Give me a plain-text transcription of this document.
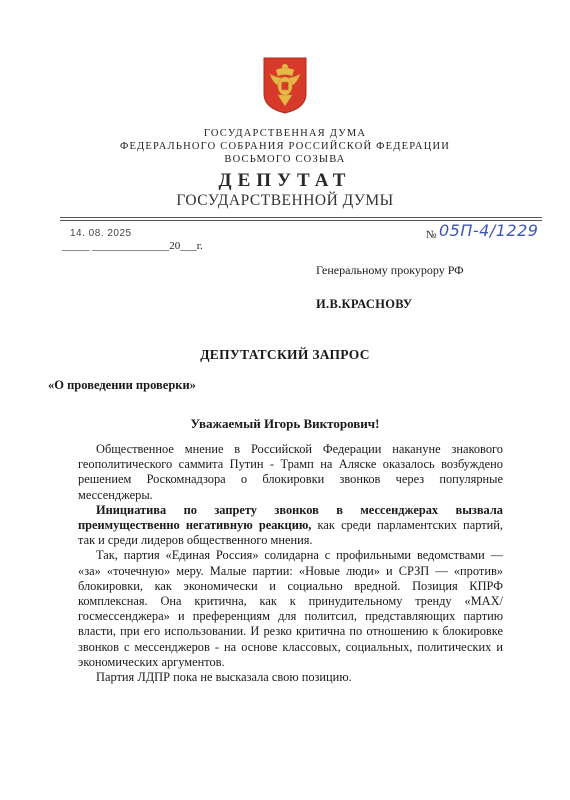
ГОСУДАРСТВЕННАЯ ДУМА
ФЕДЕРАЛЬНОГО СОБРАНИЯ РОССИЙСКОЙ ФЕДЕРАЦИИ
ВОСЬМОГО СОЗЫВА
ДЕПУТАТ
ГОСУДАРСТВЕННОЙ ДУМЫ
14. 08. 2025
_____ ______________20___г.
№ 05П-4/1229
Генеральному прокурору РФ
И.В.КРАСНОВУ
ДЕПУТАТСКИЙ ЗАПРОС
«О проведении проверки»
Уважаемый Игорь Викторович!

Общественное мнение в Российской Федерации накануне знакового геополитического саммита Путин - Трамп на Аляске оказалось возбуждено решением Роскомнадзора о блокировки звонков через популярные мессенджеры.

Инициатива по запрету звонков в мессенджерах вызвала преимущественно негативную реакцию, как среди парламентских партий, так и среди лидеров общественного мнения.

Так, партия «Единая Россия» солидарна с профильными ведомствами — «за» «точечную» меру. Малые партии: «Новые люди» и СРЗП — «против» блокировки, как экономически и социально вредной. Позиция КПРФ комплексная. Она критична, как к принудительному тренду «МАХ/госмессенджера» и преференциям для политсил, представляющих партию власти, при его использовании. И резко критична по отношению к блокировке звонков с мессенджеров - на основе классовых, социальных, политических и экономических аргументов.

Партия ЛДПР пока не высказала свою позицию.
